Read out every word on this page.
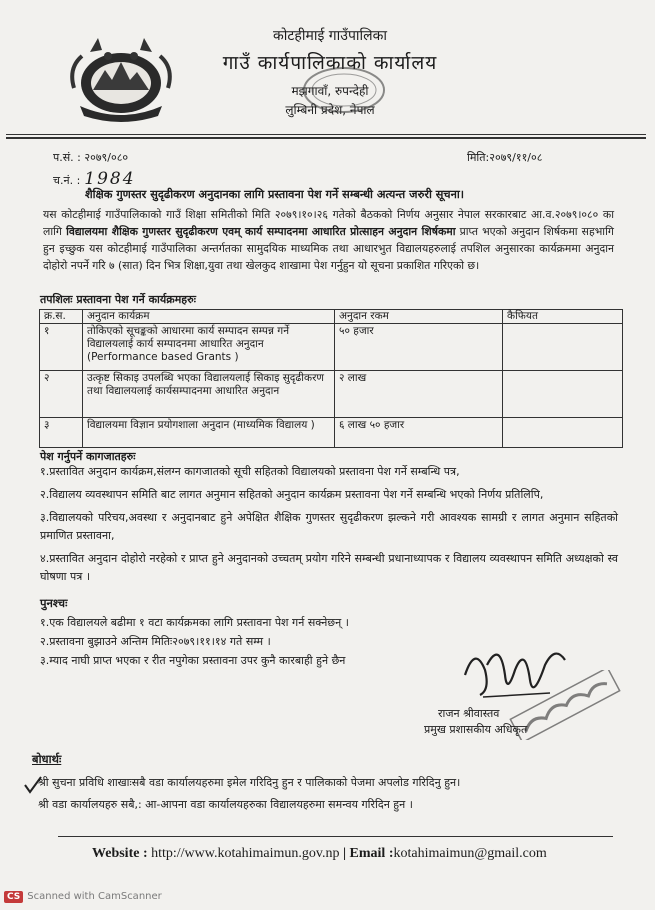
कोटहीमाई गाउँपालिका
गाउँ कार्यपालिकाको कार्यालय
मझगावाँ, रुपन्देही
लुम्बिनी प्रदेश, नेपाल
प.सं. : २०७९/०८०
च.नं. : 1984
मिति:२०७९/११/०८
शैक्षिक गुणस्तर सुदृढीकरण अनुदानका लागि प्रस्तावना पेश गर्ने सम्बन्धी अत्यन्त जरुरी सूचना।
यस कोटहीमाई गाउँपालिकाको गाउँ शिक्षा समितीको मिति २०७९।१०।२६ गतेको बैठकको निर्णय अनुसार नेपाल सरकारबाट आ.व.२०७९।०८० का लागि विद्यालयमा शैक्षिक गुणस्तर सुदृढीकरण एवम् कार्य सम्पादनमा आधारित प्रोत्साहन अनुदान शिर्षकमा प्राप्त भएको अनुदान शिर्षकमा सहभागि हुन इच्छुक यस कोटहीमाई गाउँपालिका अन्तर्गतका सामुदयिक माध्यमिक तथा आधारभुत विद्यालयहरुलाई तपशिल अनुसारका कार्यक्रममा अनुदान दोहोरो नपर्ने गरि ७ (सात) दिन भित्र शिक्षा,युवा तथा खेलकुद शाखामा पेश गर्नुहुन यो सूचना प्रकाशित गरिएको छ।
तपशिलः प्रस्तावना पेश गर्ने कार्यक्रमहरुः
क्र.स.	अनुदान कार्यक्रम	अनुदान रकम	कैफियत
१	तोकिएको सूचङ्कको आधारमा कार्य सम्पादन सम्पन्न गर्ने विद्यालयलाई कार्य सम्पादनमा आधारित अनुदान (Performance based Grants )	५० हजार	
२	उत्कृष्ट सिकाइ उपलब्धि भएका विद्यालयलाई सिकाइ सुदृढीकरण तथा विद्यालयलाई कार्यसम्पादनमा आधारित अनुदान	२ लाख	
३	विद्यालयमा विज्ञान प्रयोगशाला अनुदान (माध्यमिक विद्यालय )	६ लाख ५० हजार	
पेश गर्नुपर्ने कागजातहरुः

१.प्रस्तावित अनुदान कार्यक्रम,संलग्न कागजातको सूची सहितको विद्यालयको प्रस्तावना पेश गर्ने सम्बन्धि पत्र,

२.विद्यालय व्यवस्थापन समिति बाट लागत अनुमान सहितको अनुदान कार्यक्रम प्रस्तावना पेश गर्ने सम्बन्धि भएको निर्णय प्रतिलिपि,

३.विद्यालयको परिचय,अवस्था र अनुदानबाट हुने अपेक्षित शैक्षिक गुणस्तर सुदृढीकरण झल्कने गरी आवश्यक सामग्री र लागत अनुमान सहितको प्रमाणित प्रस्तावना,

४.प्रस्तावित अनुदान दोहोरो नरहेको र प्राप्त हुने अनुदानको उच्चतम् प्रयोग गरिने सम्बन्धी प्रधानाध्यापक र विद्यालय व्यवस्थापन समिति अध्यक्षको स्व घोषणा पत्र ।

पुनश्चः

१.एक विद्यालयले बढीमा १ वटा कार्यक्रमका लागि प्रस्तावना पेश गर्न सक्नेछन् ।

२.प्रस्तावना बुझाउने अन्तिम मितिः२०७९।११।१४ गते सम्म ।

३.म्याद नाघी प्राप्त भएका र रीत नपुगेका प्रस्तावना उपर कुनै कारबाही हुने छैन

राजन श्रीवास्तव
प्रमुख प्रशासकीय अधिकृत
बोधार्थः

श्री सुचना प्रविधि शाखाःसबै वडा कार्यालयहरुमा इमेल गरिदिनु हुन र पालिकाको पेजमा अपलोड गरिदिनु हुन।

श्री वडा कार्यालयहरु सबै,: आ-आपना वडा कार्यालयहरुका विद्यालयहरुमा समन्वय गरिदिन हुन ।

Website : http://www.kotahimaimun.gov.np | Email :kotahimaimun@gmail.com
CS Scanned with CamScanner
